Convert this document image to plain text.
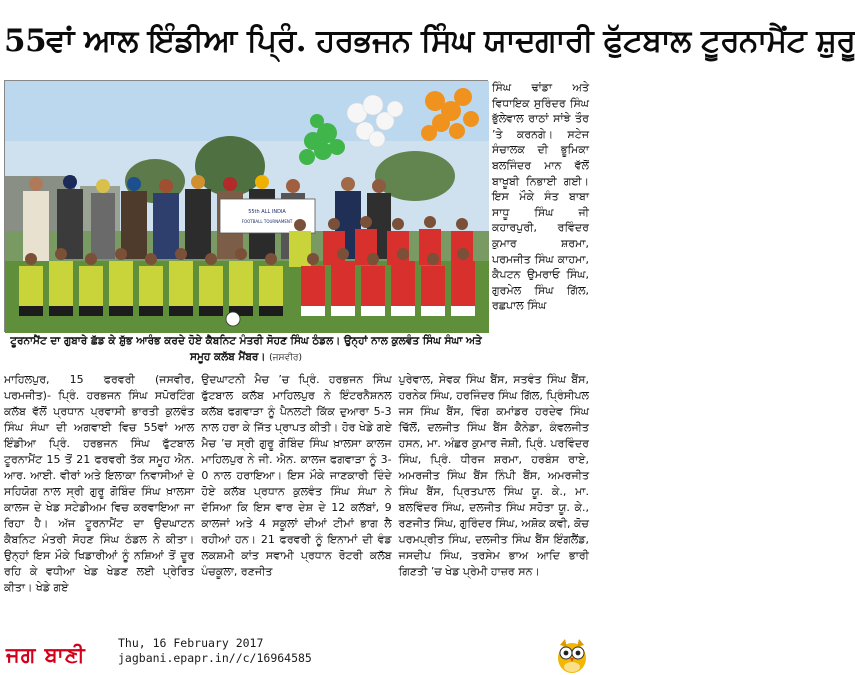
55ਵਾਂ ਆਲ ਇੰਡੀਆ ਪ੍ਰਿੰ. ਹਰਭਜਨ ਸਿੰਘ ਯਾਦਗਾਰੀ ਫੁੱਟਬਾਲ ਟੂਰਨਾਮੈਂਟ ਸ਼ੁਰੂ
55th ALL INDIA
FOOTBALL TOURNAMENT
ਟੂਰਨਾਮੈਂਟ ਦਾ ਗੁਬਾਰੇ ਛੱਡ ਕੇ ਸ਼ੁੱਭ ਆਰੰਭ ਕਰਦੇ ਹੋਏ ਕੈਬਨਿਟ ਮੰਤਰੀ ਸੋਹਣ ਸਿੰਘ ਠੰਡਲ। ਉਨ੍ਹਾਂ ਨਾਲ ਕੁਲਵੰਤ ਸਿੰਘ ਸੰਘਾ ਅਤੇ ਸਮੂਹ ਕਲੱਬ ਮੈਂਬਰ। (ਜਸਵੀਰ)

ਸਿੰਘ ਢਾਂਡਾ ਅਤੇ ਵਿਧਾਇਕ ਸੁਰਿੰਦਰ ਸਿੰਘ ਭੁੱਲੇਵਾਲ ਰਾਠਾਂ ਸਾਂਝੇ ਤੌਰ ’ਤੇ ਕਰਨਗੇ। ਸਟੇਜ ਸੰਚਾਲਕ ਦੀ ਭੂਮਿਕਾ ਬਲਜਿੰਦਰ ਮਾਨ ਵੱਲੋਂ ਬਾਖੂਬੀ ਨਿਭਾਈ ਗਈ। ਇਸ ਮੌਕੇ ਸੰਤ ਬਾਬਾ ਸਾਧੂ ਸਿੰਘ ਜੀ ਕਹਾਰਪੁਰੀ, ਰਵਿੰਦਰ ਕੁਮਾਰ ਸ਼ਰਮਾ, ਪਰਮਜੀਤ ਸਿੰਘ ਕਾਹਮਾ, ਕੈਪਟਨ ਉਮਰਾਓ ਸਿੰਘ, ਗੁਰਮੇਲ ਸਿੰਘ ਗਿੱਲ, ਰਛਪਾਲ ਸਿੰਘ

ਮਾਹਿਲਪੁਰ, 15 ਫਰਵਰੀ (ਜਸਵੀਰ, ਪਰਮਜੀਤ)- ਪ੍ਰਿੰ. ਹਰਭਜਨ ਸਿੰਘ ਸਪੋਰਟਿੰਗ ਕਲੱਬ ਵੱਲੋਂ ਪ੍ਰਧਾਨ ਪ੍ਰਵਾਸੀ ਭਾਰਤੀ ਕੁਲਵੰਤ ਸਿੰਘ ਸੰਘਾ ਦੀ ਅਗਵਾਈ ਵਿਚ 55ਵਾਂ ਆਲ ਇੰਡੀਆ ਪ੍ਰਿੰ. ਹਰਭਜਨ ਸਿੰਘ ਫੁੱਟਬਾਲ ਟੂਰਨਾਮੈਂਟ 15 ਤੋਂ 21 ਫਰਵਰੀ ਤੱਕ ਸਮੂਹ ਐਨ. ਆਰ. ਆਈ. ਵੀਰਾਂ ਅਤੇ ਇਲਾਕਾ ਨਿਵਾਸੀਆਂ ਦੇ ਸਹਿਯੋਗ ਨਾਲ ਸ੍ਰੀ ਗੁਰੂ ਗੋਬਿੰਦ ਸਿੰਘ ਖ਼ਾਲਸਾ ਕਾਲਜ ਦੇ ਖੇਡ ਸਟੇਡੀਅਮ ਵਿਚ ਕਰਵਾਇਆ ਜਾ ਰਿਹਾ ਹੈ। ਅੱਜ ਟੂਰਨਾਮੈਂਟ ਦਾ ਉਦਘਾਟਨ ਕੈਬਨਿਟ ਮੰਤਰੀ ਸੋਹਣ ਸਿੰਘ ਠੰਡਲ ਨੇ ਕੀਤਾ। ਉਨ੍ਹਾਂ ਇਸ ਮੌਕੇ ਖਿਡਾਰੀਆਂ ਨੂੰ ਨਸ਼ਿਆਂ ਤੋਂ ਦੂਰ ਰਹਿ ਕੇ ਵਧੀਆ ਖੇਡ ਖੇਡਣ ਲਈ ਪ੍ਰੇਰਿਤ ਕੀਤਾ। ਖੇਡੇ ਗਏ

ਉਦਘਾਟਨੀ ਮੈਚ ’ਚ ਪ੍ਰਿੰ. ਹਰਭਜਨ ਸਿੰਘ ਫੁੱਟਬਾਲ ਕਲੱਬ ਮਾਹਿਲਪੁਰ ਨੇ ਇੰਟਰਨੈਸ਼ਨਲ ਕਲੱਬ ਫਗਵਾੜਾ ਨੂੰ ਪੈਨਲਟੀ ਕਿੱਕ ਦੁਆਰਾ 5-3 ਨਾਲ ਹਰਾ ਕੇ ਜਿੱਤ ਪ੍ਰਾਪਤ ਕੀਤੀ। ਹੋਰ ਖੇਡੇ ਗਏ ਮੈਚ ’ਚ ਸ੍ਰੀ ਗੁਰੂ ਗੋਬਿੰਦ ਸਿੰਘ ਖ਼ਾਲਸਾ ਕਾਲਜ ਮਾਹਿਲਪੁਰ ਨੇ ਜੀ. ਐਨ. ਕਾਲਜ ਫਗਵਾੜਾ ਨੂੰ 3-0 ਨਾਲ ਹਰਾਇਆ। ਇਸ ਮੌਕੇ ਜਾਣਕਾਰੀ ਦਿੰਦੇ ਹੋਏ ਕਲੱਬ ਪ੍ਰਧਾਨ ਕੁਲਵੰਤ ਸਿੰਘ ਸੰਘਾ ਨੇ ਦੱਸਿਆ ਕਿ ਇਸ ਵਾਰ ਦੇਸ਼ ਦੇ 12 ਕਲੱਬਾਂ, 9 ਕਾਲਜਾਂ ਅਤੇ 4 ਸਕੂਲਾਂ ਦੀਆਂ ਟੀਮਾਂ ਭਾਗ ਲੈ ਰਹੀਆਂ ਹਨ। 21 ਫਰਵਰੀ ਨੂੰ ਇਨਾਮਾਂ ਦੀ ਵੰਡ ਲਕਸ਼ਮੀ ਕਾਂਤ ਸਵਾਮੀ ਪ੍ਰਧਾਨ ਰੋਟਰੀ ਕਲੱਬ ਪੰਚਕੂਲਾ, ਰਣਜੀਤ

ਪੁਰੇਵਾਲ, ਸੇਵਕ ਸਿੰਘ ਬੈਂਸ, ਸਤਵੰਤ ਸਿੰਘ ਬੈਂਸ, ਹਰਨੇਕ ਸਿੰਘ, ਹਰਜਿੰਦਰ ਸਿੰਘ ਗਿੱਲ, ਪ੍ਰਿੰਸੀਪਲ ਜਸ ਸਿੰਘ ਬੈਂਸ, ਵਿੰਗ ਕਮਾਂਡਰ ਹਰਦੇਵ ਸਿੰਘ ਢਿੱਲੋਂ, ਦਲਜੀਤ ਸਿੰਘ ਬੈਂਸ ਕੈਨੇਡਾ, ਕੰਵਲਜੀਤ ਹਸਨ, ਮਾ. ਅੰਛਰ ਕੁਮਾਰ ਜੋਸ਼ੀ, ਪ੍ਰਿੰ. ਪਰਵਿੰਦਰ ਸਿੰਘ, ਪ੍ਰਿੰ. ਧੀਰਜ ਸ਼ਰਮਾ, ਹਰਬੰਸ ਰਾਏ, ਅਮਰਜੀਤ ਸਿੰਘ ਬੈਂਸ ਨਿੰਪੀ ਬੈਂਸ, ਅਮਰਜੀਤ ਸਿੰਘ ਬੈਂਸ, ਪ੍ਰਿਤਪਾਲ ਸਿੰਘ ਯੂ. ਕੇ., ਮਾ. ਬਲਵਿੰਦਰ ਸਿੰਘ, ਦਲਜੀਤ ਸਿੰਘ ਸਹੋਤਾ ਯੂ. ਕੇ., ਰਣਜੀਤ ਸਿੰਘ, ਗੁਰਿੰਦਰ ਸਿੰਘ, ਅਸ਼ੋਕ ਕਵੀ, ਕੋਚ ਪਰਮਪ੍ਰੀਤ ਸਿੰਘ, ਦਲਜੀਤ ਸਿੰਘ ਬੈਂਸ ਇੰਗਲੈਂਡ, ਜਸਦੀਪ ਸਿੰਘ, ਤਰਸੇਮ ਭਾਅ ਆਦਿ ਭਾਰੀ ਗਿਣਤੀ ’ਚ ਖੇਡ ਪ੍ਰੇਮੀ ਹਾਜ਼ਰ ਸਨ।

ਜਗ ਬਾਣੀ	Thu, 16 February 2017
jagbani.epapr.in//c/16964585
